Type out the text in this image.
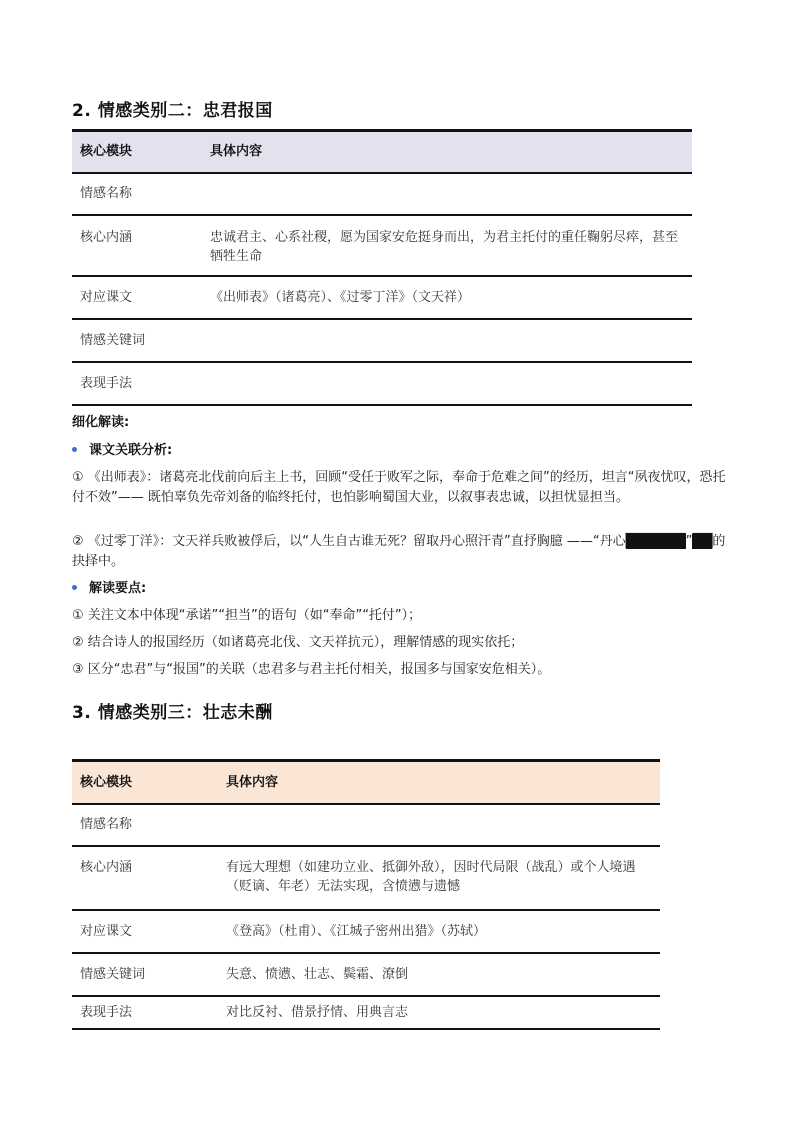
2. 情感类别二：忠君报国
核心模块	具体内容
情感名称	
核心内涵	忠诚君主、心系社稷，愿为国家安危挺身而出，为君主托付的重任鞠躬尽瘁，甚至牺牲生命
对应课文	《出师表》（诸葛亮）、《过零丁洋》（文天祥）
情感关键词	
表现手法	
细化解读:
课文关联分析:
① 《出师表》：诸葛亮北伐前向后主上书，回顾“受任于败军之际，奉命于危难之间”的经历，坦言“夙夜忧叹，恐托付不效”—— 既怕辜负先帝刘备的临终托付，也怕影响蜀国大业，以叙事表忠诚，以担忧显担当。
② 《过零丁洋》：文天祥兵败被俘后，以“人生自古谁无死？留取丹心照汗青”直抒胸臆 ——“丹心██████”██的抉择中。
解读要点:
① 关注文本中体现“承诺”“担当”的语句（如“奉命”“托付”）；
② 结合诗人的报国经历（如诸葛亮北伐、文天祥抗元），理解情感的现实依托；
③ 区分“忠君”与“报国”的关联（忠君多与君主托付相关，报国多与国家安危相关）。
3. 情感类别三：壮志未酬
核心模块	具体内容
情感名称	
核心内涵	有远大理想（如建功立业、抵御外敌），因时代局限（战乱）或个人境遇（贬谪、年老）无法实现，含愤懑与遗憾
对应课文	《登高》（杜甫）、《江城子密州出猎》（苏轼）
情感关键词	失意、愤懑、壮志、鬓霜、潦倒
表现手法	对比反衬、借景抒情、用典言志
